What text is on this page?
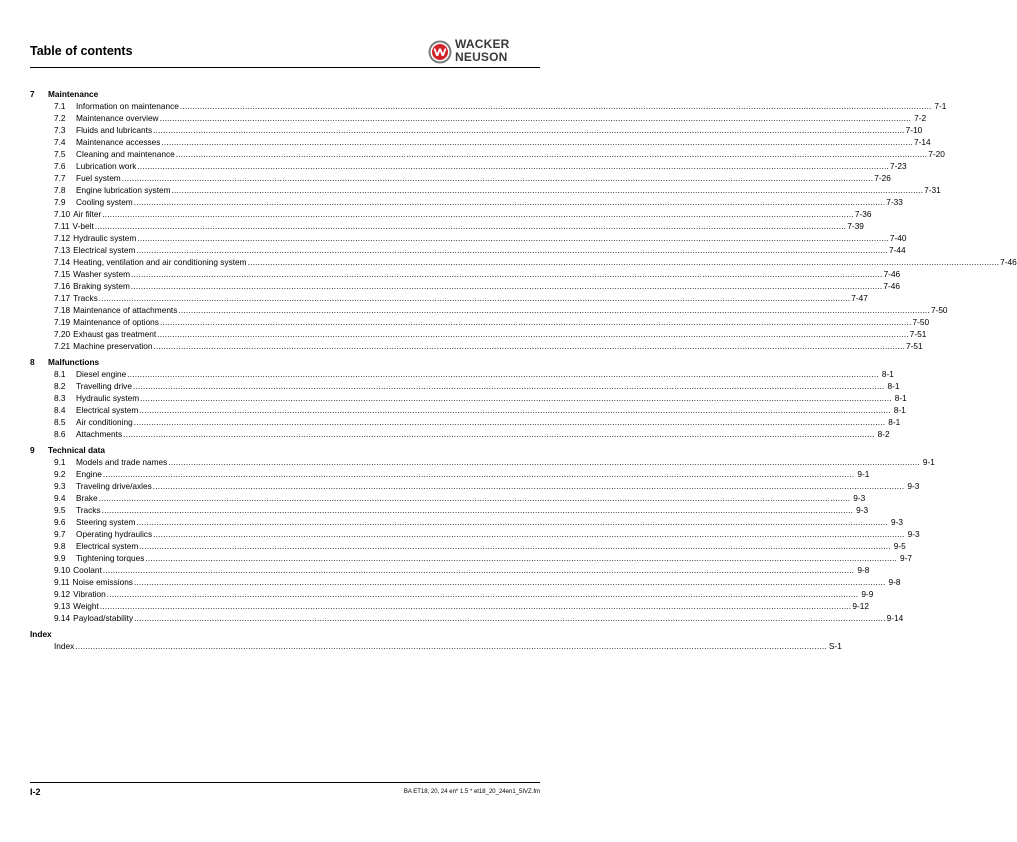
Table of contents	WACKER
NEUSON
7	Maintenance
7.1	Information on maintenance ............................................................................................................................................................................................................................................................................................................ 7-1
7.2	Maintenance overview ............................................................................................................................................................................................................................................................................................................ 7-2
7.3	Fluids and lubricants ............................................................................................................................................................................................................................................................................................................ 7-10
7.4	Maintenance accesses ............................................................................................................................................................................................................................................................................................................ 7-14
7.5	Cleaning and maintenance ............................................................................................................................................................................................................................................................................................................ 7-20
7.6	Lubrication work ............................................................................................................................................................................................................................................................................................................ 7-23
7.7	Fuel system ............................................................................................................................................................................................................................................................................................................ 7-26
7.8	Engine lubrication system ............................................................................................................................................................................................................................................................................................................ 7-31
7.9	Cooling system ............................................................................................................................................................................................................................................................................................................ 7-33
7.10 Air filter ............................................................................................................................................................................................................................................................................................................ 7-36
7.11 V-belt ............................................................................................................................................................................................................................................................................................................ 7-39
7.12 Hydraulic system ............................................................................................................................................................................................................................................................................................................ 7-40
7.13 Electrical system ............................................................................................................................................................................................................................................................................................................ 7-44
7.14 Heating, ventilation and air conditioning system ............................................................................................................................................................................................................................................................................................................ 7-46
7.15 Washer system ............................................................................................................................................................................................................................................................................................................ 7-46
7.16 Braking system ............................................................................................................................................................................................................................................................................................................ 7-46
7.17 Tracks ............................................................................................................................................................................................................................................................................................................ 7-47
7.18 Maintenance of attachments ............................................................................................................................................................................................................................................................................................................ 7-50
7.19 Maintenance of options ............................................................................................................................................................................................................................................................................................................ 7-50
7.20 Exhaust gas treatment ............................................................................................................................................................................................................................................................................................................ 7-51
7.21 Machine preservation ............................................................................................................................................................................................................................................................................................................ 7-51
8	Malfunctions
8.1	Diesel engine ............................................................................................................................................................................................................................................................................................................ 8-1
8.2	Travelling drive ............................................................................................................................................................................................................................................................................................................ 8-1
8.3	Hydraulic system ............................................................................................................................................................................................................................................................................................................ 8-1
8.4	Electrical system ............................................................................................................................................................................................................................................................................................................ 8-1
8.5	Air conditioning ............................................................................................................................................................................................................................................................................................................ 8-1
8.6	Attachments ............................................................................................................................................................................................................................................................................................................ 8-2
9	Technical data
9.1	Models and trade names ............................................................................................................................................................................................................................................................................................................ 9-1
9.2	Engine ............................................................................................................................................................................................................................................................................................................ 9-1
9.3	Traveling drive/axles ............................................................................................................................................................................................................................................................................................................ 9-3
9.4	Brake ............................................................................................................................................................................................................................................................................................................ 9-3
9.5	Tracks ............................................................................................................................................................................................................................................................................................................ 9-3
9.6	Steering system ............................................................................................................................................................................................................................................................................................................ 9-3
9.7	Operating hydraulics ............................................................................................................................................................................................................................................................................................................ 9-3
9.8	Electrical system ............................................................................................................................................................................................................................................................................................................ 9-5
9.9	Tightening torques ............................................................................................................................................................................................................................................................................................................ 9-7
9.10 Coolant ............................................................................................................................................................................................................................................................................................................ 9-8
9.11 Noise emissions ............................................................................................................................................................................................................................................................................................................ 9-8
9.12 Vibration ............................................................................................................................................................................................................................................................................................................ 9-9
9.13 Weight ............................................................................................................................................................................................................................................................................................................ 9-12
9.14 Payload/stability ............................................................................................................................................................................................................................................................................................................ 9-14
Index
Index ............................................................................................................................................................................................................................................................................................................ S-1
I-2	BA ET18, 20, 24 en* 1.5 * et18_20_24en1_5IVZ.fm
